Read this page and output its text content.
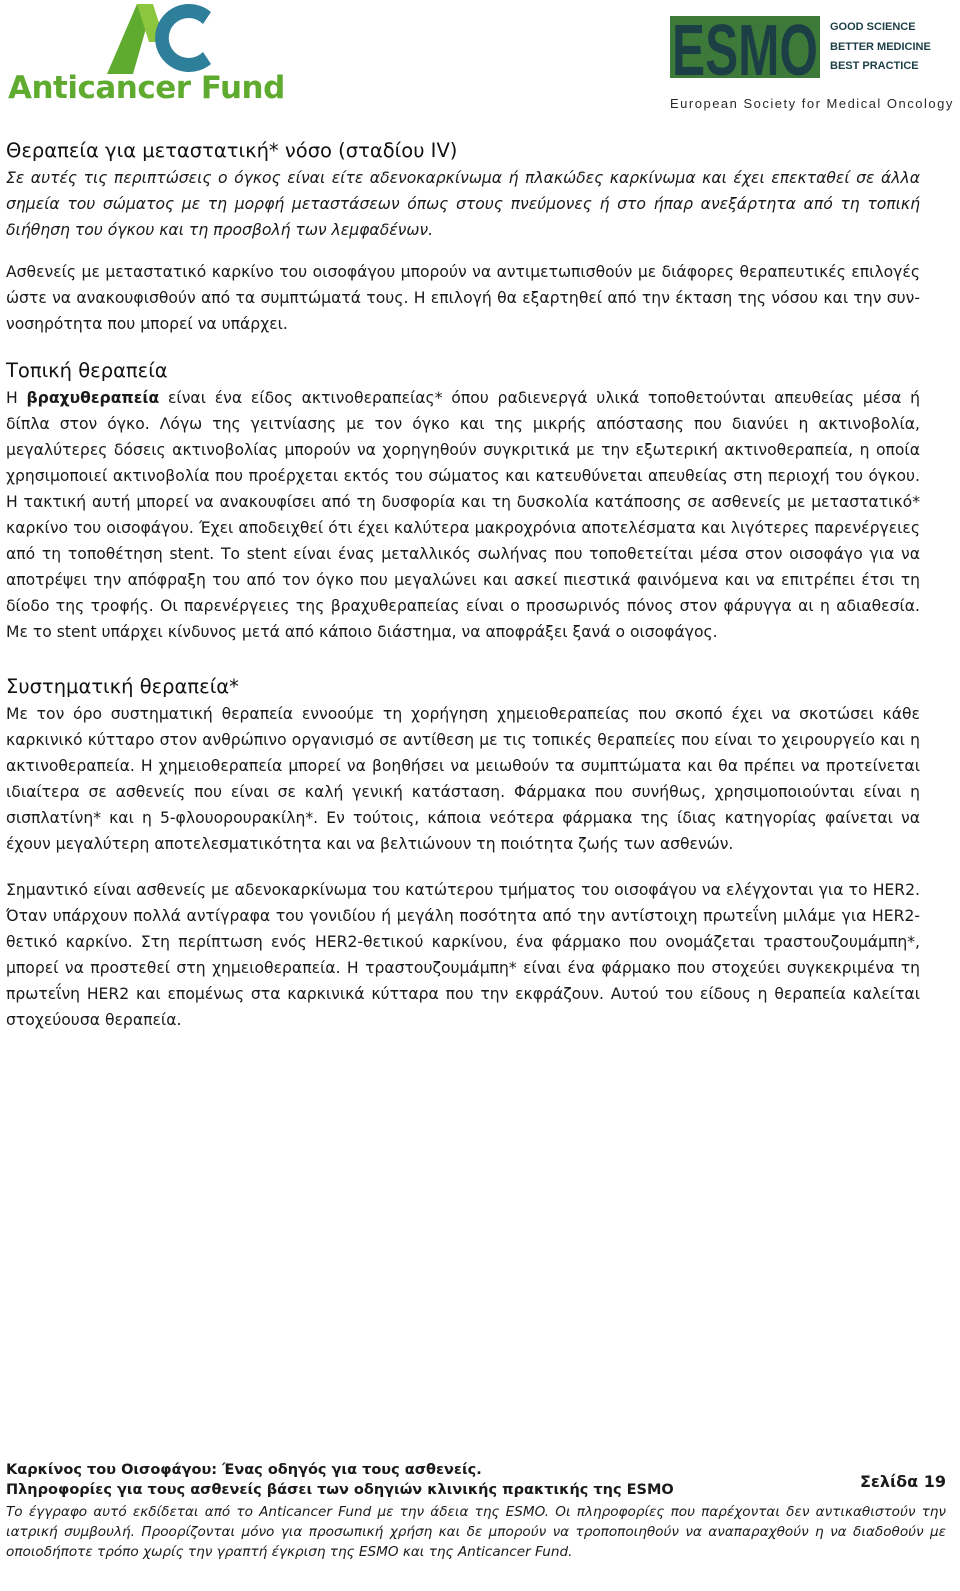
Anticancer Fund	ESMO GOOD SCIENCE
BETTER MEDICINE
BEST PRACTICE
European Society for Medical Oncology
Θεραπεία για μεταστατική* νόσο (σταδίου IV)

Σε αυτές τις περιπτώσεις ο όγκος είναι είτε αδενοκαρκίνωμα ή πλακώδες καρκίνωμα και έχει επεκταθεί σε άλλα σημεία του σώματος με τη μορφή μεταστάσεων όπως στους πνεύμονες ή στο ήπαρ ανεξάρτητα από τη τοπική διήθηση του όγκου και τη προσβολή των λεμφαδένων.

Ασθενείς με μεταστατικό καρκίνο του οισοφάγου μπορούν να αντιμετωπισθούν με διάφορες θεραπευτικές επιλογές ώστε να ανακουφισθούν από τα συμπτώματά τους. Η επιλογή θα εξαρτηθεί από την έκταση της νόσου και την συν-νοσηρότητα που μπορεί να υπάρχει.

Τοπική θεραπεία

Η βραχυθεραπεία είναι ένα είδος ακτινοθεραπείας* όπου ραδιενεργά υλικά τοποθετούνται απευθείας μέσα ή δίπλα στον όγκο. Λόγω της γειτνίασης με τον όγκο και της μικρής απόστασης που διανύει η ακτινοβολία, μεγαλύτερες δόσεις ακτινοβολίας μπορούν να χορηγηθούν συγκριτικά με την εξωτερική ακτινοθεραπεία, η οποία χρησιμοποιεί ακτινοβολία που προέρχεται εκτός του σώματος και κατευθύνεται απευθείας στη περιοχή του όγκου. Η τακτική αυτή μπορεί να ανακουφίσει από τη δυσφορία και τη δυσκολία κατάποσης σε ασθενείς με μεταστατικό* καρκίνο του οισοφάγου. Έχει αποδειχθεί ότι έχει καλύτερα μακροχρόνια αποτελέσματα και λιγότερες παρενέργειες από τη τοποθέτηση stent. Το stent είναι ένας μεταλλικός σωλήνας που τοποθετείται μέσα στον οισοφάγο για να αποτρέψει την απόφραξη του από τον όγκο που μεγαλώνει και ασκεί πιεστικά φαινόμενα και να επιτρέπει έτσι τη δίοδο της τροφής. Οι παρενέργειες της βραχυθεραπείας είναι ο προσωρινός πόνος στον φάρυγγα αι η αδιαθεσία. Με το stent υπάρχει κίνδυνος μετά από κάποιο διάστημα, να αποφράξει ξανά ο οισοφάγος.

Συστηματική θεραπεία*

Με τον όρο συστηματική θεραπεία εννοούμε τη χορήγηση χημειοθεραπείας που σκοπό έχει να σκοτώσει κάθε καρκινικό κύτταρο στον ανθρώπινο οργανισμό σε αντίθεση με τις τοπικές θεραπείες που είναι το χειρουργείο και η ακτινοθεραπεία. Η χημειοθεραπεία μπορεί να βοηθήσει να μειωθούν τα συμπτώματα και θα πρέπει να προτείνεται ιδιαίτερα σε ασθενείς που είναι σε καλή γενική κατάσταση. Φάρμακα που συνήθως, χρησιμοποιούνται είναι η σισπλατίνη* και η 5-φλουορουρακίλη*. Εν τούτοις, κάποια νεότερα φάρμακα της ίδιας κατηγορίας φαίνεται να έχουν μεγαλύτερη αποτελεσματικότητα και να βελτιώνουν τη ποιότητα ζωής των ασθενών.

Σημαντικό είναι ασθενείς με αδενοκαρκίνωμα του κατώτερου τμήματος του οισοφάγου να ελέγχονται για το HER2. Όταν υπάρχουν πολλά αντίγραφα του γονιδίου ή μεγάλη ποσότητα από την αντίστοιχη πρωτεΐνη μιλάμε για HER2- θετικό καρκίνο. Στη περίπτωση ενός HER2-θετικού καρκίνου, ένα φάρμακο που ονομάζεται τραστουζουμάμπη*, μπορεί να προστεθεί στη χημειοθεραπεία. Η τραστουζουμάμπη* είναι ένα φάρμακο που στοχεύει συγκεκριμένα τη πρωτεΐνη HER2 και επομένως στα καρκινικά κύτταρα που την εκφράζουν. Αυτού του είδους η θεραπεία καλείται στοχεύουσα θεραπεία.

Καρκίνος του Οισοφάγου: Ένας οδηγός για τους ασθενείς.
Πληροφορίες για τους ασθενείς βάσει των οδηγιών κλινικής πρακτικής της ESMO	Σελίδα 19
Το έγγραφο αυτό εκδίδεται από το Anticancer Fund με την άδεια της ESMO. Οι πληροφορίες που παρέχονται δεν αντικαθιστούν την ιατρική συμβουλή. Προορίζονται μόνο για προσωπική χρήση και δε μπορούν να τροποποιηθούν να αναπαραχθούν η να διαδοθούν με οποιοδήποτε τρόπο χωρίς την γραπτή έγκριση της ESMO και της Anticancer Fund.
